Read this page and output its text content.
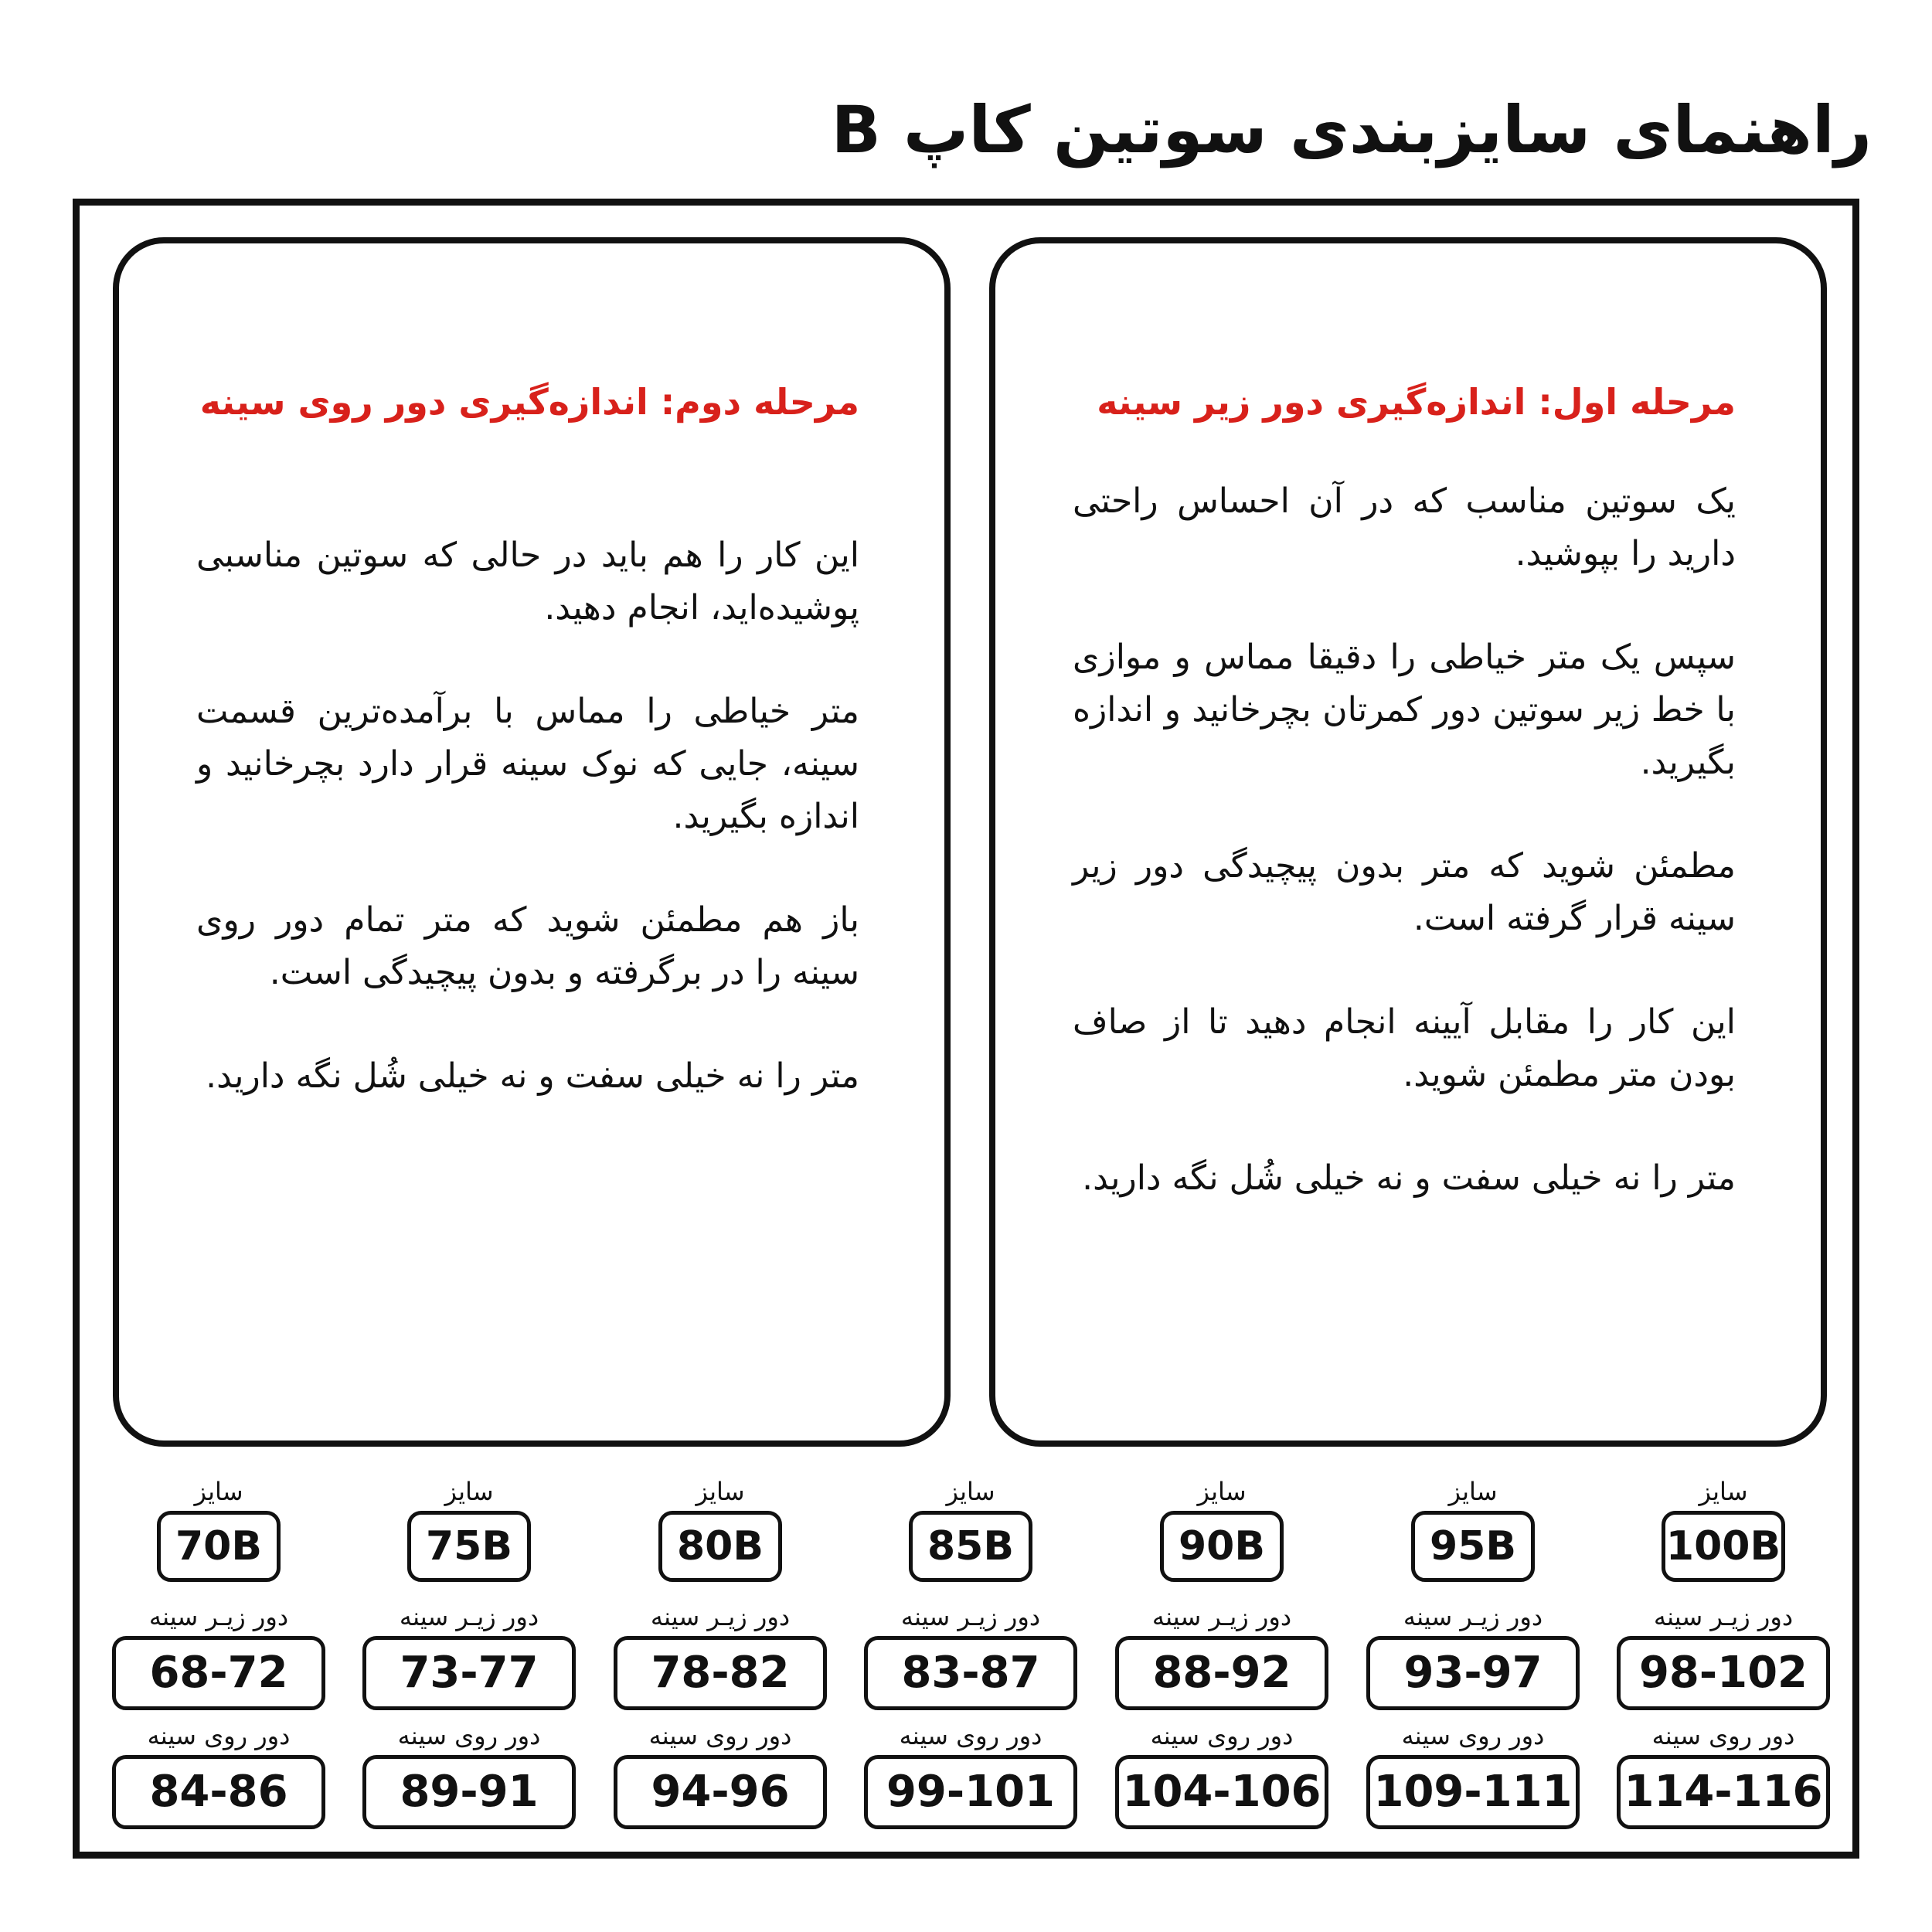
راهنمای سایزبندی سوتین کاپ B
مرحله اول: اندازه‌گیری دور زیر سینه

یک سوتین مناسب که در آن احساس راحتی دارید را بپوشید.

سپس یک متر خیاطی را دقیقا مماس و موازی با خط زیر سوتین دور کمرتان بچرخانید و اندازه بگیرید.

مطمئن شوید که متر بدون پیچیدگی دور زیر سینه قرار گرفته است.

این کار را مقابل آیینه انجام دهید تا از صاف بودن متر مطمئن شوید.

متر را نه خیلی سفت و نه خیلی شُل نگه دارید.

مرحله دوم: اندازه‌گیری دور روی سینه

این کار را هم باید در حالی که سوتین مناسبی پوشیده‌اید، انجام دهید.

متر خیاطی را مماس با برآمده‌ترین قسمت سینه، جایی که نوک سینه قرار دارد بچرخانید و اندازه بگیرید.

باز هم مطمئن شوید که متر تمام دور روی سینه را در برگرفته و بدون پیچیدگی است.

متر را نه خیلی سفت و نه خیلی شُل نگه دارید.

سایز
100B
دور زیـر سینه
98-102
دور روی سینه
114-116
سایز
95B
دور زیـر سینه
93-97
دور روی سینه
109-111
سایز
90B
دور زیـر سینه
88-92
دور روی سینه
104-106
سایز
85B
دور زیـر سینه
83-87
دور روی سینه
99-101
سایز
80B
دور زیـر سینه
78-82
دور روی سینه
94-96
سایز
75B
دور زیـر سینه
73-77
دور روی سینه
89-91
سایز
70B
دور زیـر سینه
68-72
دور روی سینه
84-86
